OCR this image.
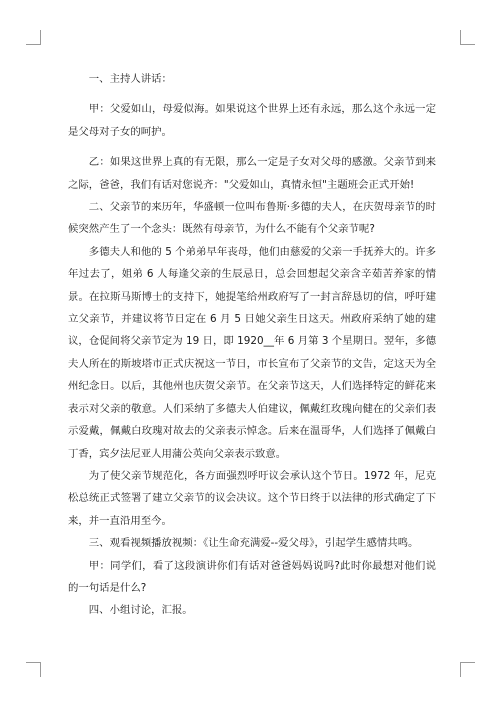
一、主持人讲话：

甲：父爱如山，母爱似海。如果说这个世界上还有永远，那么这个永远一定是父母对子女的呵护。

乙：如果这世界上真的有无限，那么一定是子女对父母的感激。父亲节到来之际，爸爸，我们有话对您说齐："父爱如山，真情永恒"主题班会正式开始!

二、父亲节的来历年，华盛顿一位叫布鲁斯·多德的夫人，在庆贺母亲节的时候突然产生了一个念头：既然有母亲节，为什么不能有个父亲节呢?

多德夫人和他的 5 个弟弟早年丧母，他们由慈爱的父亲一手抚养大的。许多年过去了，姐弟 6 人每逢父亲的生辰忌日，总会回想起父亲含辛茹苦养家的情景。在拉斯马斯博士的支持下，她提笔给州政府写了一封言辞恳切的信，呼吁建立父亲节，并建议将节日定在 6 月 5 日她父亲生日这天。州政府采纳了她的建议，仓促间将父亲节定为 19 日，即 1920__年 6 月第 3 个星期日。翌年，多德夫人所在的斯坡塔市正式庆祝这一节日，市长宣布了父亲节的文告，定这天为全州纪念日。以后，其他州也庆贺父亲节。在父亲节这天，人们选择特定的鲜花来表示对父亲的敬意。人们采纳了多德夫人伯建议，佩戴红玫瑰向健在的父亲们表示爱戴，佩戴白玫瑰对故去的父亲表示悼念。后来在温哥华，人们选择了佩戴白丁香，宾夕法尼亚人用蒲公英向父亲表示致意。

为了使父亲节规范化，各方面强烈呼吁议会承认这个节日。1972 年，尼克松总统正式签署了建立父亲节的议会决议。这个节日终于以法律的形式确定了下来，并一直沿用至今。

三、观看视频播放视频：《让生命充满爱--爱父母》，引起学生感情共鸣。

甲：同学们，看了这段演讲你们有话对爸爸妈妈说吗?此时你最想对他们说的一句话是什么?

四、小组讨论，汇报。
